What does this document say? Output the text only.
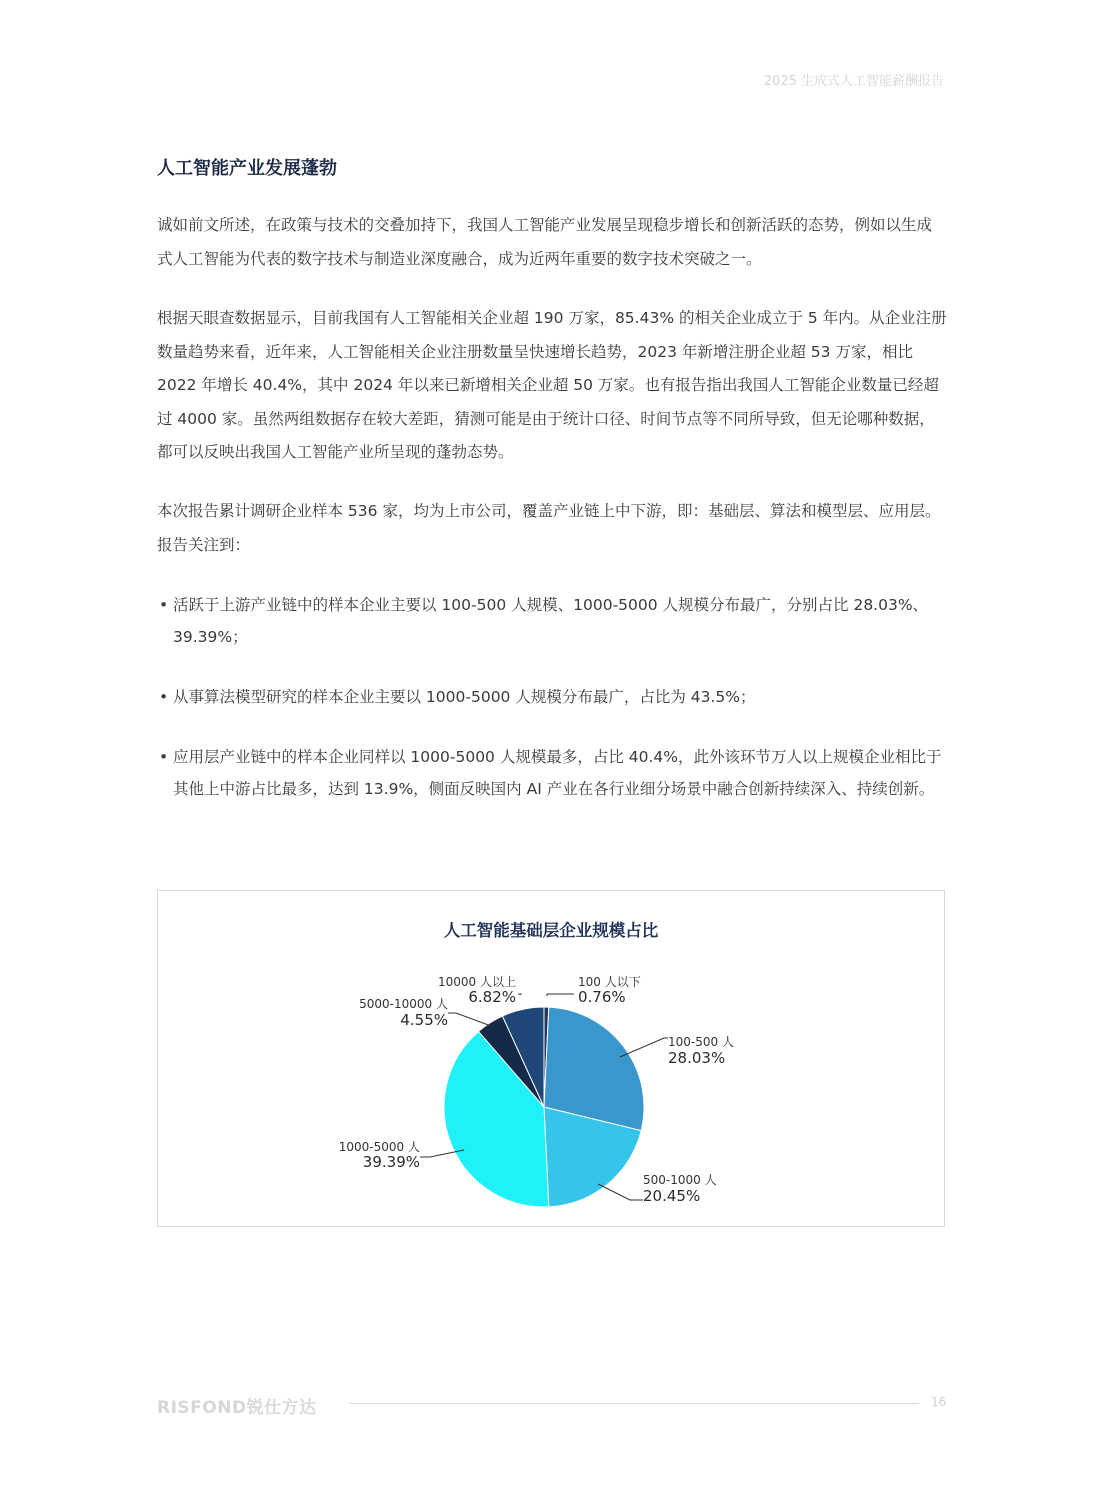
2025 生成式人工智能薪酬报告
人工智能产业发展蓬勃

诚如前文所述，在政策与技术的交叠加持下，我国人工智能产业发展呈现稳步增长和创新活跃的态势，例如以生成式人工智能为代表的数字技术与制造业深度融合，成为近两年重要的数字技术突破之一。

根据天眼查数据显示，目前我国有人工智能相关企业超 190 万家，85.43% 的相关企业成立于 5 年内。从企业注册数量趋势来看，近年来，人工智能相关企业注册数量呈快速增长趋势，2023 年新增注册企业超 53 万家，相比 2022 年增长 40.4%，其中 2024 年以来已新增相关企业超 50 万家。也有报告指出我国人工智能企业数量已经超过 4000 家。虽然两组数据存在较大差距，猜测可能是由于统计口径、时间节点等不同所导致，但无论哪种数据，都可以反映出我国人工智能产业所呈现的蓬勃态势。

本次报告累计调研企业样本 536 家，均为上市公司，覆盖产业链上中下游，即：基础层、算法和模型层、应用层。报告关注到：

• 活跃于上游产业链中的样本企业主要以 100-500 人规模、1000-5000 人规模分布最广，分别占比 28.03%、39.39%；
• 从事算法模型研究的样本企业主要以 1000-5000 人规模分布最广，占比为 43.5%；
• 应用层产业链中的样本企业同样以 1000-5000 人规模最多，占比 40.4%，此外该环节万人以上规模企业相比于其他上中游占比最多，达到 13.9%，侧面反映国内 AI 产业在各行业细分场景中融合创新持续深入、持续创新。
人工智能基础层企业规模占比
100 人以下
0.76%
100-500 人
28.03%
500-1000 人
20.45%
1000-5000 人
39.39%
5000-10000 人
4.55%
10000 人以上
6.82%
RISFOND锐仕方达	16
